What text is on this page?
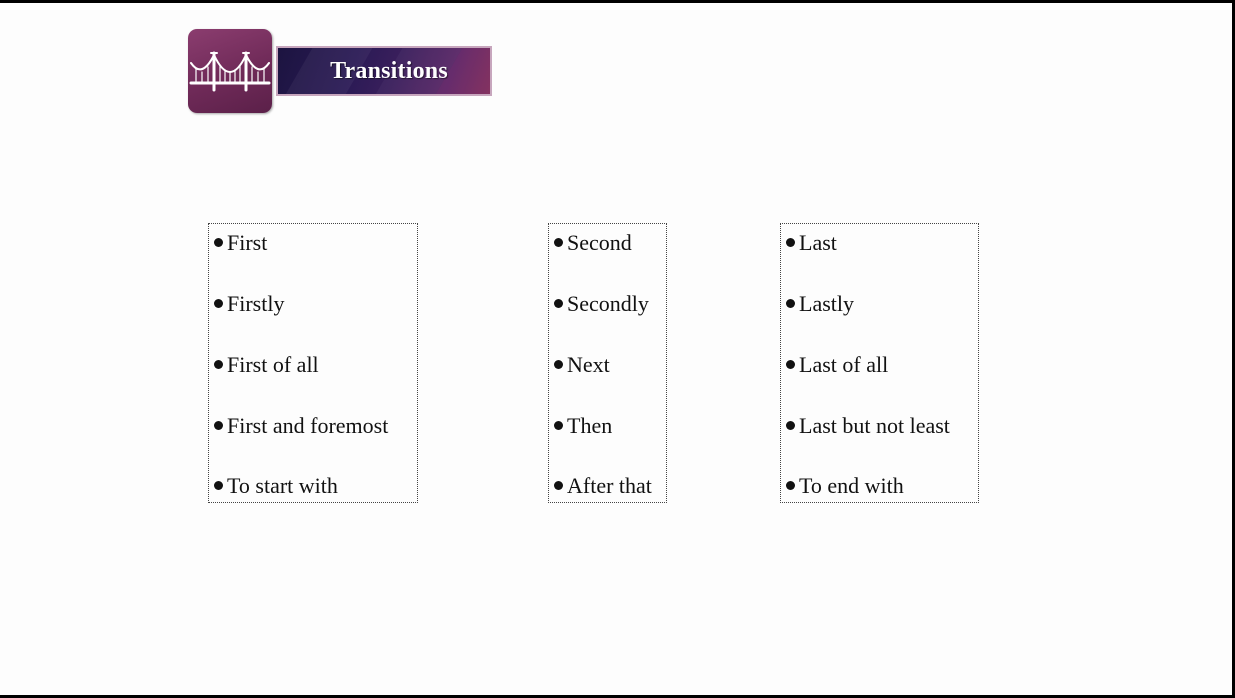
Transitions
First
Firstly
First of all
First and foremost
To start with
Second
Secondly
Next
Then
After that
Last
Lastly
Last of all
Last but not least
To end with
